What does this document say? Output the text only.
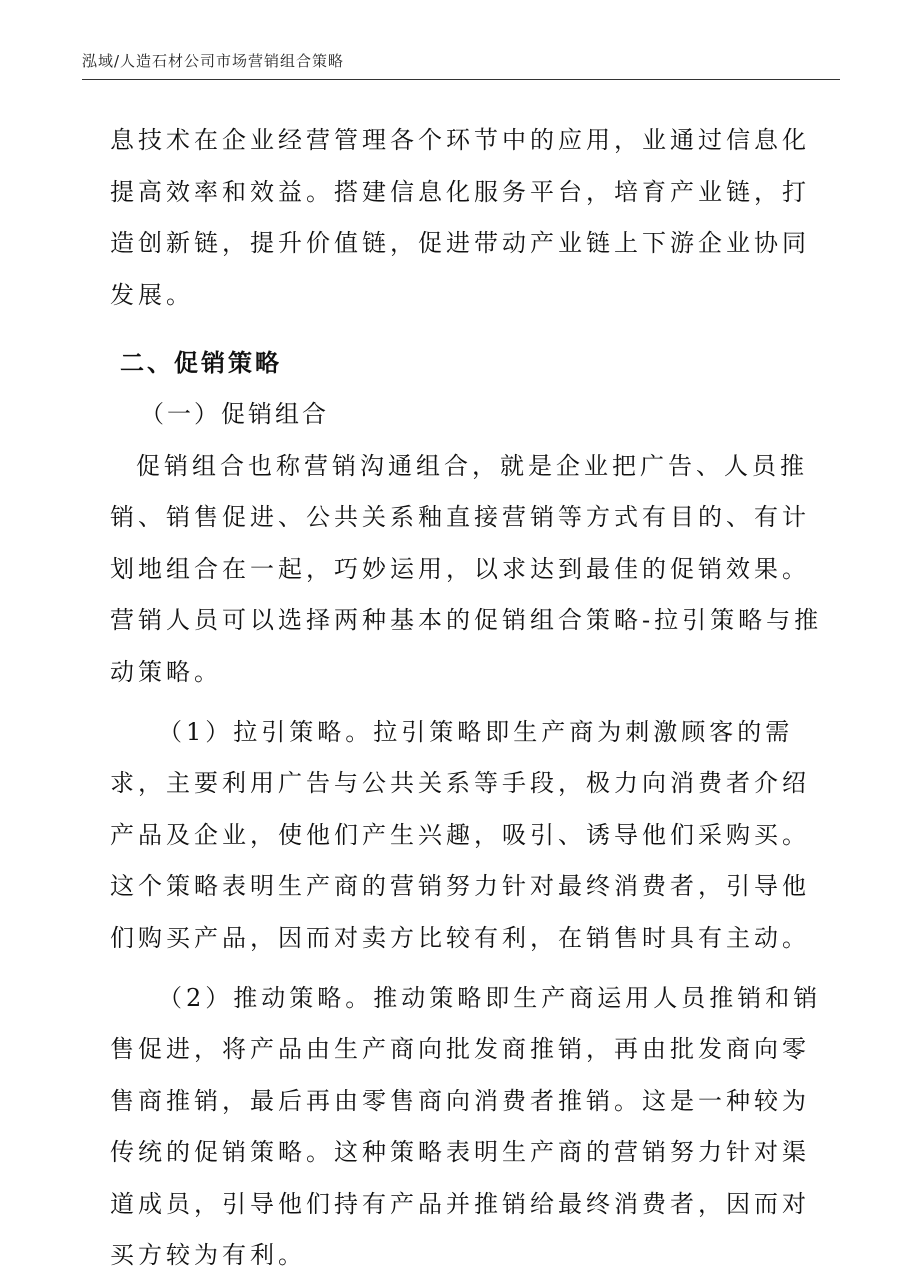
泓域/人造石材公司市场营销组合策略

息技术在企业经营管理各个环节中的应用，业通过信息化提高效率和效益。搭建信息化服务平台，培育产业链，打造创新链，提升价值链，促进带动产业链上下游企业协同发展。

二、促销策略

（一）促销组合

促销组合也称营销沟通组合，就是企业把广告、人员推销、销售促进、公共关系釉直接营销等方式有目的、有计划地组合在一起，巧妙运用，以求达到最佳的促销效果。营销人员可以选择两种基本的促销组合策略-拉引策略与推动策略。

（1）拉引策略。拉引策略即生产商为刺激顾客的需求，主要利用广告与公共关系等手段，极力向消费者介绍产品及企业，使他们产生兴趣，吸引、诱导他们采购买。这个策略表明生产商的营销努力针对最终消费者，引导他们购买产品，因而对卖方比较有利，在销售时具有主动。

（2）推动策略。推动策略即生产商运用人员推销和销售促进，将产品由生产商向批发商推销，再由批发商向零售商推销，最后再由零售商向消费者推销。这是一种较为传统的促销策略。这种策略表明生产商的营销努力针对渠道成员，引导他们持有产品并推销给最终消费者，因而对买方较为有利。
